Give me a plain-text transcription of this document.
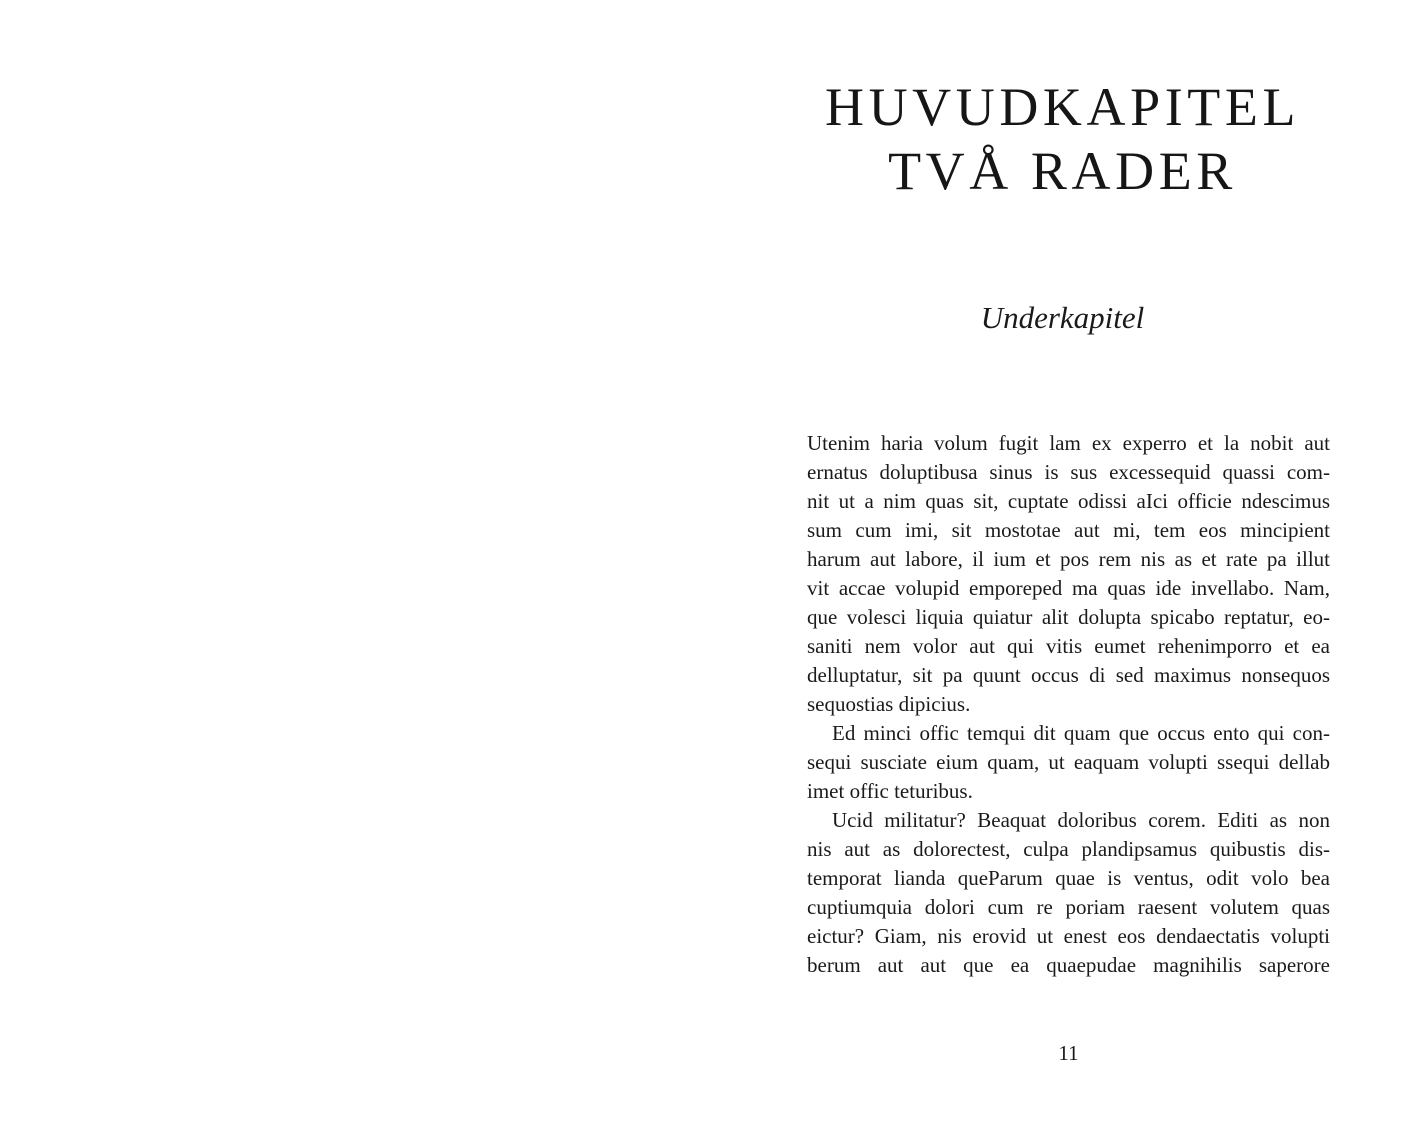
HUVUDKAPITEL
TVÅ RADER
Underkapitel
Utenim haria volum fugit lam ex experro et la nobit aut
ernatus doluptibusa sinus is sus excessequid quassi com-
nit ut a nim quas sit, cuptate odissi aIci officie ndescimus
sum cum imi, sit mostotae aut mi, tem eos mincipient
harum aut labore, il ium et pos rem nis as et rate pa illut
vit accae volupid emporeped ma quas ide invellabo. Nam,
que volesci liquia quiatur alit dolupta spicabo reptatur, eo-
saniti nem volor aut qui vitis eumet rehenimporro et ea
delluptatur, sit pa quunt occus di sed maximus nonsequos
sequostias dipicius.
Ed minci offic temqui dit quam que occus ento qui con-
sequi susciate eium quam, ut eaquam volupti ssequi dellab
imet offic teturibus.
Ucid militatur? Beaquat doloribus corem. Editi as non
nis aut as dolorectest, culpa plandipsamus quibustis dis-
temporat lianda queParum quae is ventus, odit volo bea
cuptiumquia dolori cum re poriam raesent volutem quas
eictur? Giam, nis erovid ut enest eos dendaectatis volupti
berum aut aut que ea quaepudae magnihilis saperore
11
